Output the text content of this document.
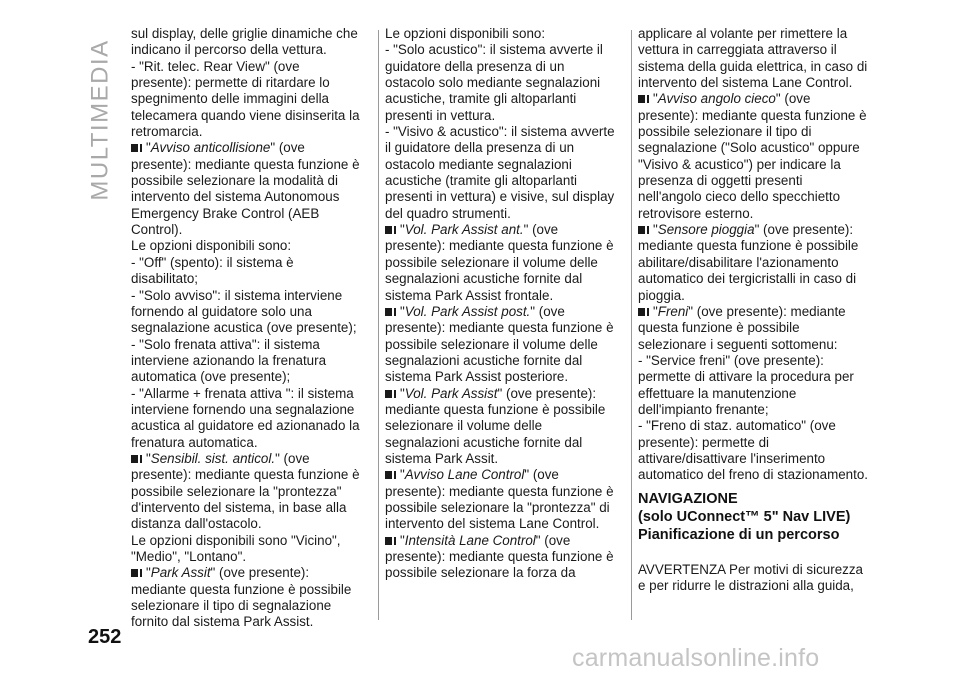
MULTIMEDIA

sul display, delle griglie dinamiche che indicano il percorso della vettura.

- "Rit. telec. Rear View" (ove presente): permette di ritardare lo spegnimento delle immagini della telecamera quando viene disinserita la retromarcia.

"Avviso anticollisione" (ove presente): mediante questa funzione è possibile selezionare la modalità di intervento del sistema Autonomous Emergency Brake Control (AEB Control).

Le opzioni disponibili sono:

- "Off" (spento): il sistema è disabilitato;

- "Solo avviso": il sistema interviene fornendo al guidatore solo una segnalazione acustica (ove presente);

- "Solo frenata attiva": il sistema interviene azionando la frenatura automatica (ove presente);

- "Allarme + frenata attiva ": il sistema interviene fornendo una segnalazione acustica al guidatore ed azionanado la frenatura automatica.

"Sensibil. sist. anticol." (ove presente): mediante questa funzione è possibile selezionare la "prontezza" d'intervento del sistema, in base alla distanza dall'ostacolo.

Le opzioni disponibili sono "Vicino", "Medio", "Lontano".

"Park Assit" (ove presente): mediante questa funzione è possibile selezionare il tipo di segnalazione fornito dal sistema Park Assist.

Le opzioni disponibili sono:

- "Solo acustico": il sistema avverte il guidatore della presenza di un ostacolo solo mediante segnalazioni acustiche, tramite gli altoparlanti presenti in vettura.

- "Visivo & acustico": il sistema avverte il guidatore della presenza di un ostacolo mediante segnalazioni acustiche (tramite gli altoparlanti presenti in vettura) e visive, sul display del quadro strumenti.

"Vol. Park Assist ant." (ove presente): mediante questa funzione è possibile selezionare il volume delle segnalazioni acustiche fornite dal sistema Park Assist frontale.

"Vol. Park Assist post." (ove presente): mediante questa funzione è possibile selezionare il volume delle segnalazioni acustiche fornite dal sistema Park Assist posteriore.

"Vol. Park Assist" (ove presente): mediante questa funzione è possibile selezionare il volume delle segnalazioni acustiche fornite dal sistema Park Assit.

"Avviso Lane Control" (ove presente): mediante questa funzione è possibile selezionare la "prontezza" di intervento del sistema Lane Control.

"Intensità Lane Control" (ove presente): mediante questa funzione è possibile selezionare la forza da

applicare al volante per rimettere la vettura in carreggiata attraverso il sistema della guida elettrica, in caso di intervento del sistema Lane Control.

"Avviso angolo cieco" (ove presente): mediante questa funzione è possibile selezionare il tipo di segnalazione ("Solo acustico" oppure "Visivo & acustico") per indicare la presenza di oggetti presenti nell'angolo cieco dello specchietto retrovisore esterno.

"Sensore pioggia" (ove presente): mediante questa funzione è possibile abilitare/disabilitare l'azionamento automatico dei tergicristalli in caso di pioggia.

"Freni" (ove presente): mediante questa funzione è possibile selezionare i seguenti sottomenu:

- "Service freni" (ove presente): permette di attivare la procedura per effettuare la manutenzione dell'impianto frenante;

- "Freno di staz. automatico" (ove presente): permette di attivare/disattivare l'inserimento automatico del freno di stazionamento.

NAVIGAZIONE
(solo UConnect™ 5" Nav LIVE)
Pianificazione di un percorso

AVVERTENZA Per motivi di sicurezza e per ridurre le distrazioni alla guida,

252
carmanualsonline.info
